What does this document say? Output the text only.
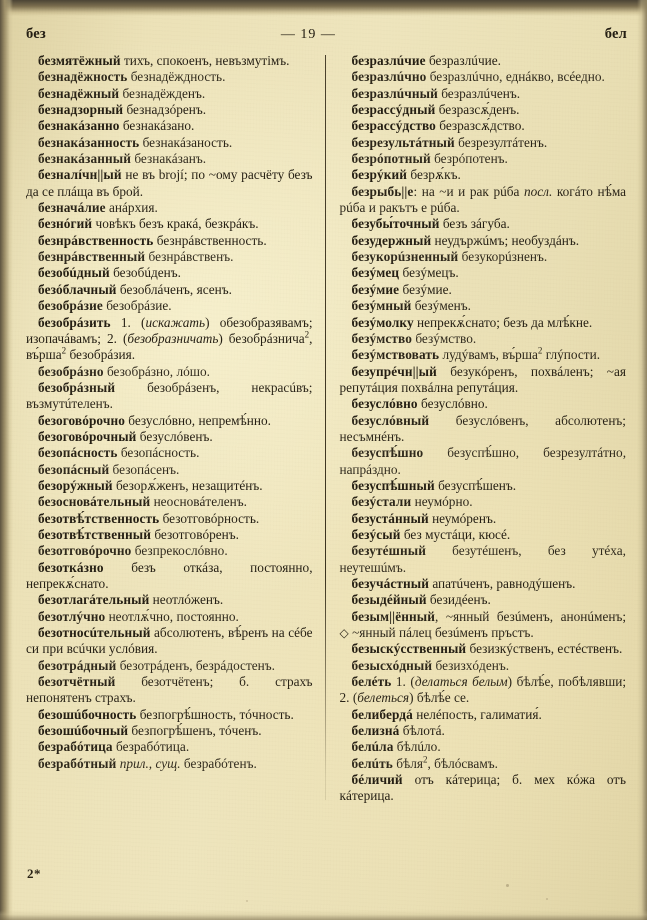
без	— 19 —	бел

безмятёжный тихъ, спокоенъ, невъзмутімъ.

безнадёжность безнадёждность.

безнадёжный безнадёжденъ.

безнадзорный безнадзóренъ.

безнакáзанно безнакáзано.

безнакáзанность безнакáзаность.

безнакáзанный безнакáзанъ.

безналíчн||ый не въ brojí; по ~ому расчёту безъ да се плáща въ брой.

безначáлие анáрхия.

безнóгий човѣкъ безъ кракá, безкрáкъ.

безнрáвственность безнрáвственность.

безнрáвственный безнрáвственъ.

безобúдный безобúденъ.

безóблачный безоблáченъ, ясенъ.

безобрáзие безобрáзие.

безобрáзить 1. (искажать) обезобразявамъ; изопачáвамъ; 2. (безобразничать) безобрáзнича$^2$, въ́рша$^2$ безобрáзия.

безобрáзно безобрáзно, лóшо.

безобрáзный безобрáзенъ, некрасúвъ; възмутúтеленъ.

безоговóрочно безуслóвно, непремѣ́нно.

безоговóрочный безуслóвенъ.

безопáсность безопáсность.

безопáсный безопáсенъ.

безорýжный безорѫ́женъ, незащитéнъ.

безосновáтельный неосновáтеленъ.

безотвѣ́тственность безотговóрность.

безотвѣ́тственный безотговóренъ.

безотговóрочно безпрекослóвно.

безоткáзно безъ откáза, постоянно, непрекѫ́снато.

безотлагáтельный неотлóженъ.

безотлýчно неотлѫ́чно, постоянно.

безотносúтельный абсолютенъ, вѣ́ренъ на сéбе си при всúчки услóвия.

безотрáдный безотрáденъ, безрáдостенъ.

безотчётный безотчётенъ; б. страхъ непонятенъ страхъ.

безошúбочность безпогрѣ́шность, тóчность.

безошúбочный безпогрѣ́шенъ, тóченъ.

безрабóтица безрабóтица.

безрабóтный прил., сущ. безрабóтенъ.

безразлúчие безразлúчие.

безразлúчно безразлúчно, еднáкво, всéедно.

безразлúчный безразлúченъ.

безрассýдный безразсѫ́денъ.

безрассýдство безразсѫ́дство.

безрезультáтный безрезултáтенъ.

безрóпотный безрóпотенъ.

безрýкий безрѫ́къ.

безрыбь||е: на ~и и рак рúба посл. когáто нѣ́ма рúба и ракътъ е рúба.

безубы́точный безъ зáгуба.

безудержный неудържúмъ; необуздáнъ.

безукорúзненный безукорúзненъ.

безýмец безýмецъ.

безýмие безýмие.

безýмный безýменъ.

безýмолку непрекѫ́снато; безъ да млѣ́кне.

безýмство безýмство.

безýмствовать лудýвамъ, въ́рша$^2$ глýпости.

безупрéчн||ый безукóренъ, похвáленъ; ~ая репутáция похвáлна репутáция.

безуслóвно безуслóвно.

безуслóвный безуслóвенъ, абсолютенъ; несъмнéнъ.

безуспѣ́шно безуспѣ́шно, безрезултáтно, напрáздно.

безуспѣ́шный безуспѣ́шенъ.

безýстали неумóрно.

безустáнный неумóренъ.

безýсый без мустáци, кюсé.

безутéшный безутéшенъ, без утéха, неутешúмъ.

безучáстный апатúченъ, равнодýшенъ.

безыдéйный безидéенъ.

безым||ённый, ~янный безúменъ, анонúменъ; ◇ ~янный пáлец безúменъ пръстъ.

безыскýсственный безизкýственъ, естéственъ.

безысхóдный безизхóденъ.

белéть 1. (делаться белым) бѣлѣ́е, побѣлявши; 2. (белеться) бѣлѣ́е се.

белибердá нелéпость, галиматия́.

белизнá бѣлотá.

белúла бѣлúло.

белúть бѣля$^2$, бѣлóсвамъ.

бéличий отъ кáтерица; б. мех кóжа отъ кáтерица.

2*
